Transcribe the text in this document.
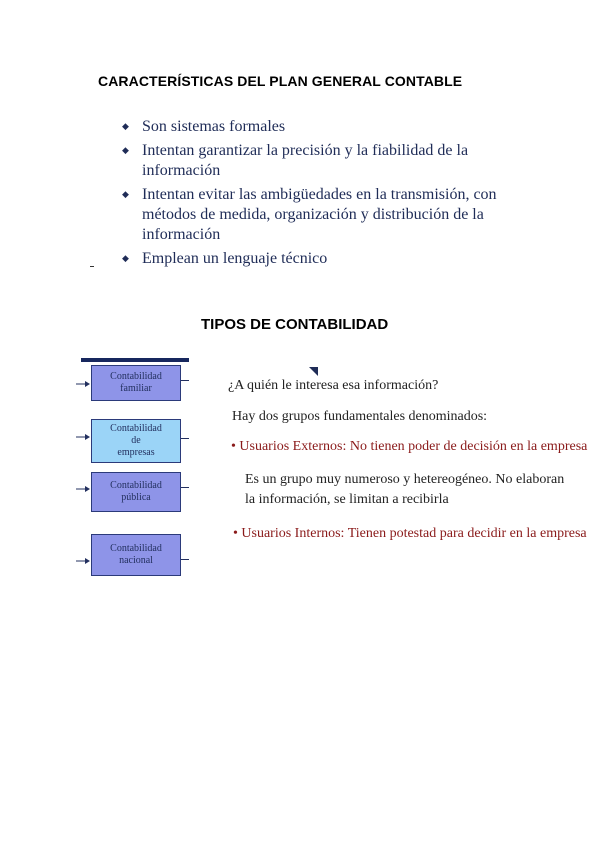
CARACTERÍSTICAS DEL PLAN GENERAL CONTABLE
◆ Son sistemas formales
◆ Intentan garantizar la precisión y la fiabilidad de la información
◆ Intentan evitar las ambigüedades en la transmisión, con métodos de medida, organización y distribución de la información
◆ Emplean un lenguaje técnico
TIPOS DE CONTABILIDAD
Contabilidad
familiar
Contabilidad
de
empresas
Contabilidad
pública
Contabilidad
nacional
¿A quién le interesa esa información?
Hay dos grupos fundamentales denominados:
• Usuarios Externos: No tienen poder de decisión en la empresa
Es un grupo muy numeroso y hetereogéneo. No elaboran la información, se limitan a recibirla
• Usuarios Internos: Tienen potestad para decidir en la empresa
